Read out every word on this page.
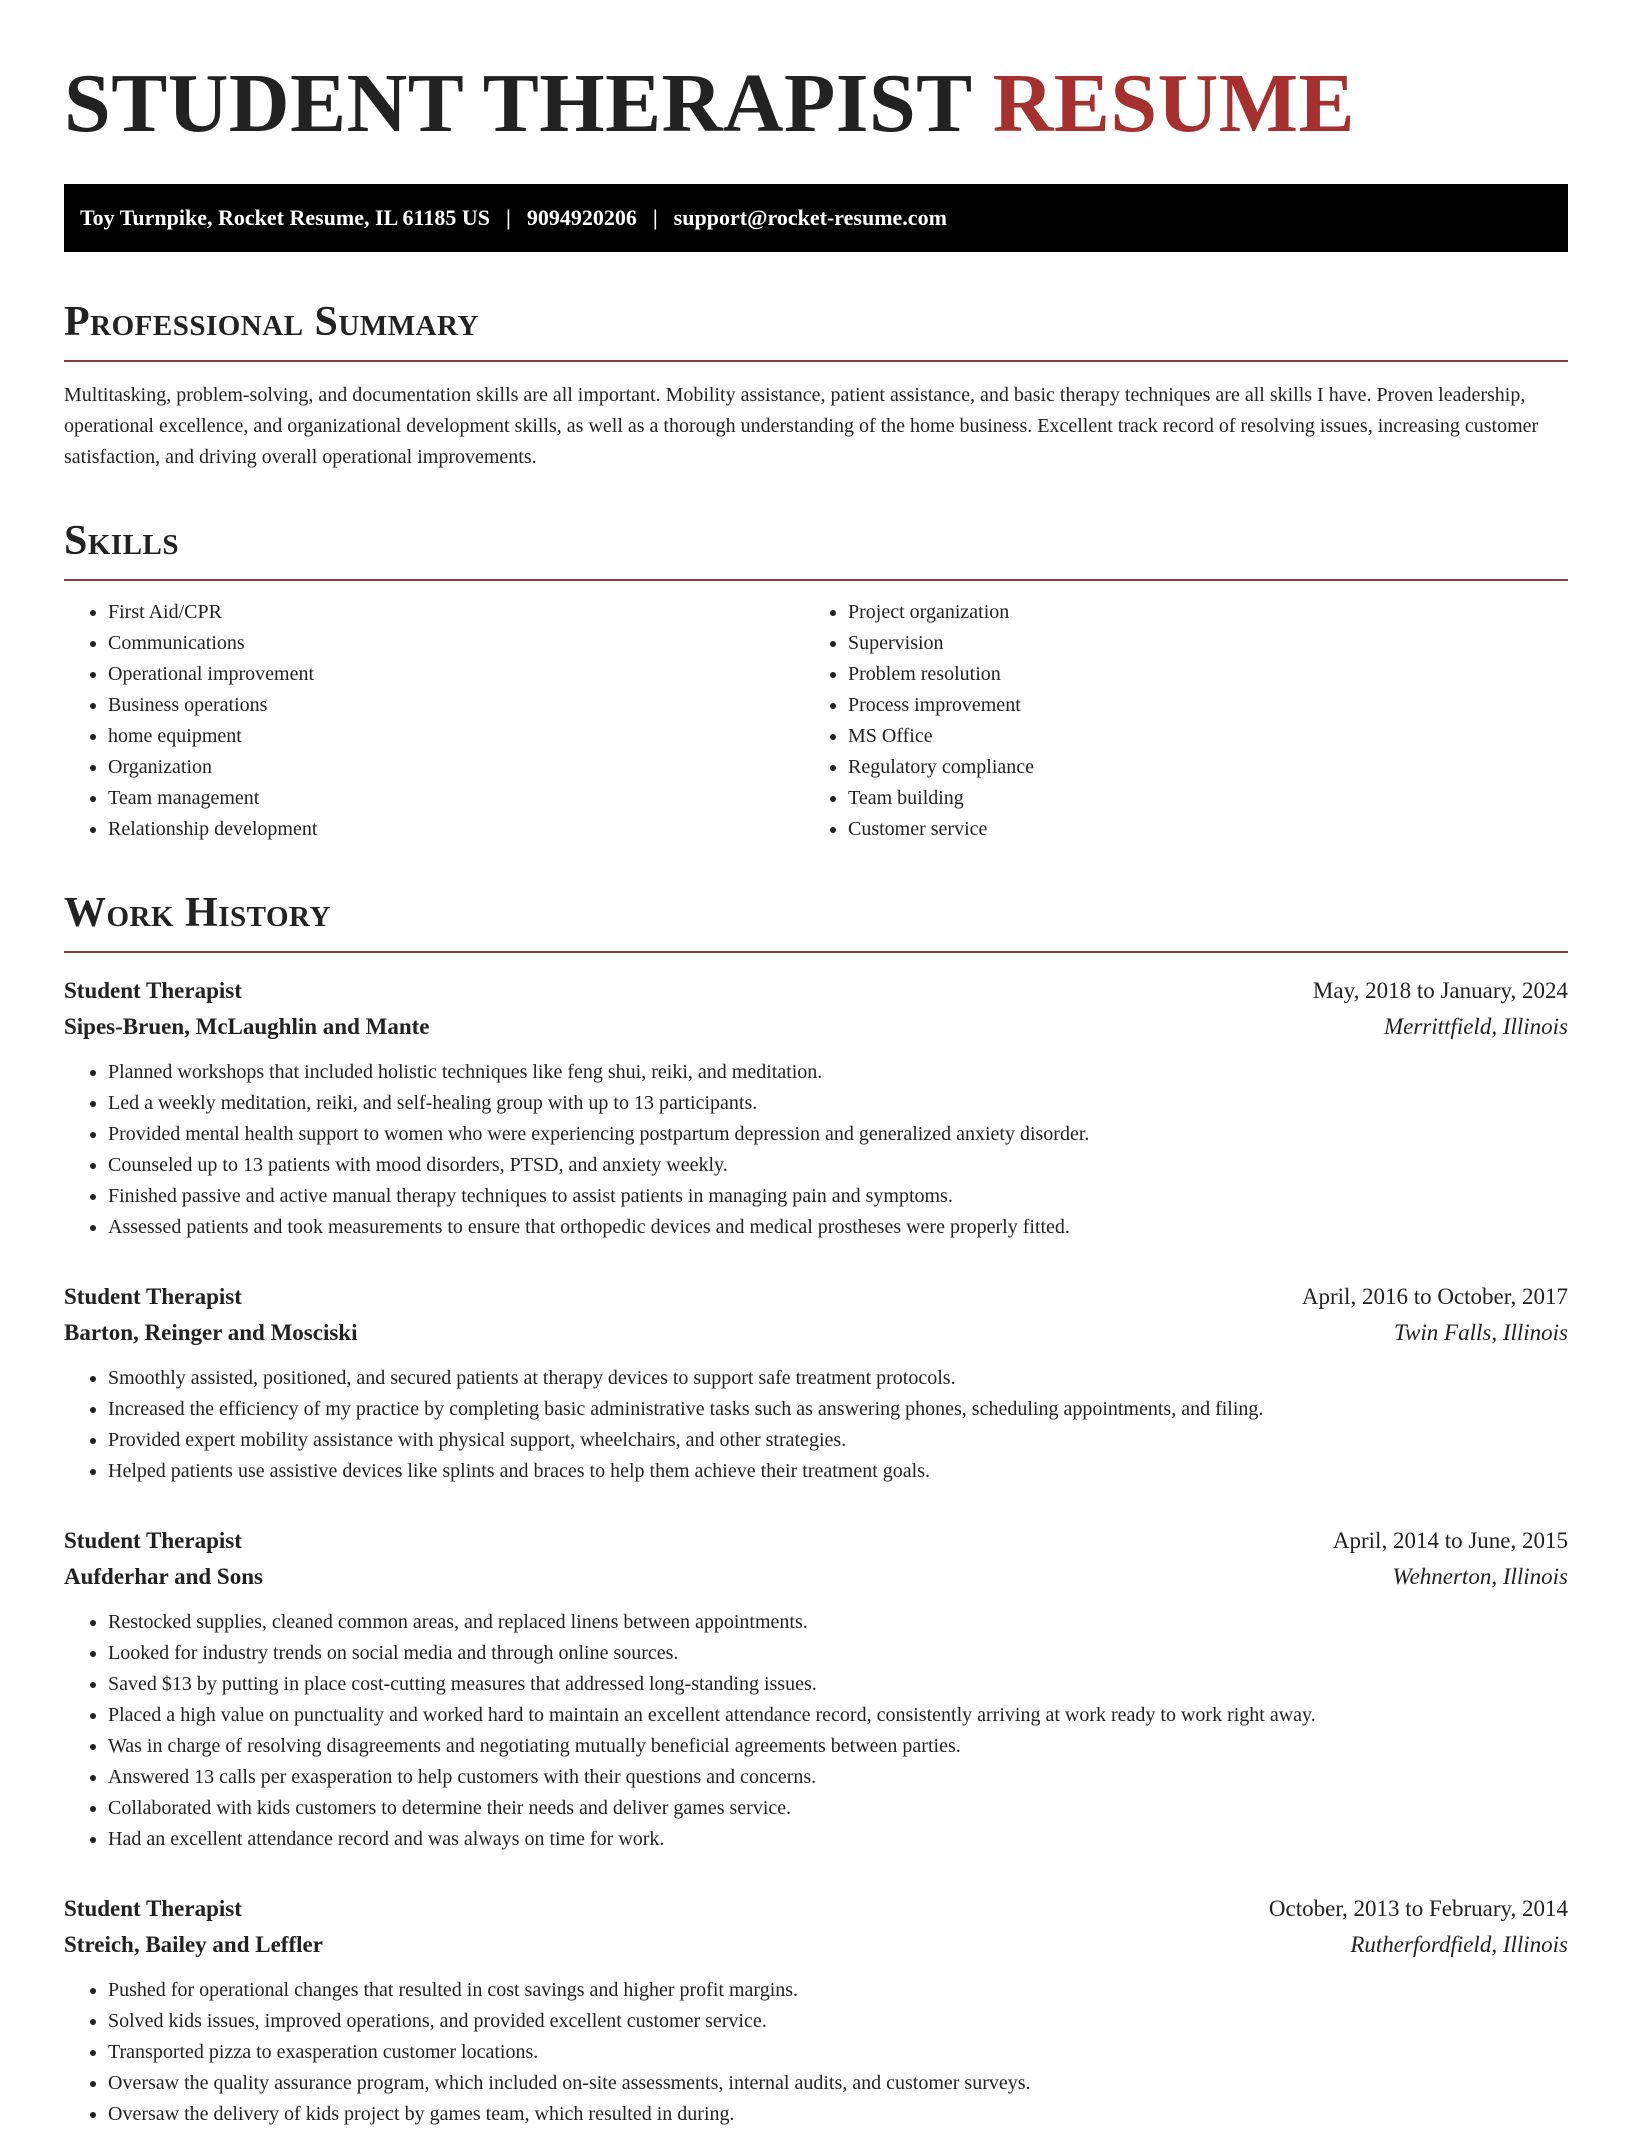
STUDENT THERAPIST RESUME
Toy Turnpike, Rocket Resume, IL 61185 US | 9094920206 | support@rocket-resume.com
Professional Summary

Multitasking, problem-solving, and documentation skills are all important. Mobility assistance, patient assistance, and basic therapy techniques are all skills I have. Proven leadership, operational excellence, and organizational development skills, as well as a thorough understanding of the home business. Excellent track record of resolving issues, increasing customer satisfaction, and driving overall operational improvements.

Skills
• First Aid/CPR
• Communications
• Operational improvement
• Business operations
• home equipment
• Organization
• Team management
• Relationship development
• Project organization
• Supervision
• Problem resolution
• Process improvement
• MS Office
• Regulatory compliance
• Team building
• Customer service
Work History
Student Therapist	May, 2018 to January, 2024
Sipes-Bruen, McLaughlin and Mante	Merrittfield, Illinois
• Planned workshops that included holistic techniques like feng shui, reiki, and meditation.
• Led a weekly meditation, reiki, and self-healing group with up to 13 participants.
• Provided mental health support to women who were experiencing postpartum depression and generalized anxiety disorder.
• Counseled up to 13 patients with mood disorders, PTSD, and anxiety weekly.
• Finished passive and active manual therapy techniques to assist patients in managing pain and symptoms.
• Assessed patients and took measurements to ensure that orthopedic devices and medical prostheses were properly fitted.
Student Therapist	April, 2016 to October, 2017
Barton, Reinger and Mosciski	Twin Falls, Illinois
• Smoothly assisted, positioned, and secured patients at therapy devices to support safe treatment protocols.
• Increased the efficiency of my practice by completing basic administrative tasks such as answering phones, scheduling appointments, and filing.
• Provided expert mobility assistance with physical support, wheelchairs, and other strategies.
• Helped patients use assistive devices like splints and braces to help them achieve their treatment goals.
Student Therapist	April, 2014 to June, 2015
Aufderhar and Sons	Wehnerton, Illinois
• Restocked supplies, cleaned common areas, and replaced linens between appointments.
• Looked for industry trends on social media and through online sources.
• Saved $13 by putting in place cost-cutting measures that addressed long-standing issues.
• Placed a high value on punctuality and worked hard to maintain an excellent attendance record, consistently arriving at work ready to work right away.
• Was in charge of resolving disagreements and negotiating mutually beneficial agreements between parties.
• Answered 13 calls per exasperation to help customers with their questions and concerns.
• Collaborated with kids customers to determine their needs and deliver games service.
• Had an excellent attendance record and was always on time for work.
Student Therapist	October, 2013 to February, 2014
Streich, Bailey and Leffler	Rutherfordfield, Illinois
• Pushed for operational changes that resulted in cost savings and higher profit margins.
• Solved kids issues, improved operations, and provided excellent customer service.
• Transported pizza to exasperation customer locations.
• Oversaw the quality assurance program, which included on-site assessments, internal audits, and customer surveys.
• Oversaw the delivery of kids project by games team, which resulted in during.
